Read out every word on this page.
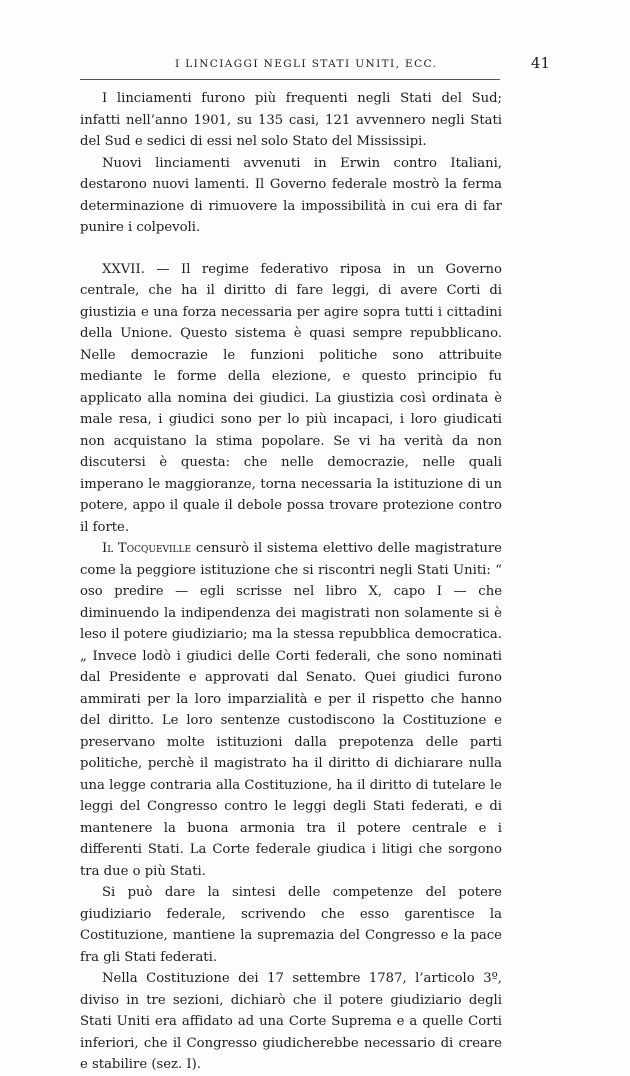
I LINCIAGGI NEGLI STATI UNITI, ECC.	41

I linciamenti furono più frequenti negli Stati del Sud; infatti nell’anno 1901, su 135 casi, 121 avvennero negli Stati del Sud e sedici di essi nel solo Stato del Mississipi.

Nuovi linciamenti avvenuti in Erwin contro Italiani, destarono nuovi lamenti. Il Governo federale mostrò la ferma determinazione di rimuovere la impossibilità in cui era di far punire i colpevoli.

XXVII. — Il regime federativo riposa in un Governo centrale, che ha il diritto di fare leggi, di avere Corti di giustizia e una forza necessaria per agire sopra tutti i cittadini della Unione. Questo sistema è quasi sempre repubblicano. Nelle democrazie le funzioni politiche sono attribuite mediante le forme della elezione, e questo principio fu applicato alla nomina dei giudici. La giustizia così ordinata è male resa, i giudici sono per lo più incapaci, i loro giudicati non acquistano la stima popolare. Se vi ha verità da non discutersi è questa: che nelle democrazie, nelle quali imperano le maggioranze, torna necessaria la istituzione di un potere, appo il quale il debole possa trovare protezione contro il forte.

Il Tocqueville censurò il sistema elettivo delle magistrature come la peggiore istituzione che si riscontri negli Stati Uniti: “ oso predire — egli scrisse nel libro X, capo I — che diminuendo la indipendenza dei magistrati non solamente si è leso il potere giudiziario; ma la stessa repubblica democratica. „ Invece lodò i giudici delle Corti federali, che sono nominati dal Presidente e approvati dal Senato. Quei giudici furono ammirati per la loro imparzialità e per il rispetto che hanno del diritto. Le loro sentenze custodiscono la Costituzione e preservano molte istituzioni dalla prepotenza delle parti politiche, perchè il magistrato ha il diritto di dichiarare nulla una legge contraria alla Costituzione, ha il diritto di tutelare le leggi del Congresso contro le leggi degli Stati federati, e di mantenere la buona armonia tra il potere centrale e i differenti Stati. La Corte federale giudica i litigi che sorgono tra due o più Stati.

Si può dare la sintesi delle competenze del potere giudiziario federale, scrivendo che esso garentisce la Costituzione, mantiene la supremazia del Congresso e la pace fra gli Stati federati.

Nella Costituzione dei 17 settembre 1787, l’articolo 3º, diviso in tre sezioni, dichiarò che il potere giudiziario degli Stati Uniti era affidato ad una Corte Suprema e a quelle Corti inferiori, che il Congresso giudicherebbe necessario di creare e stabilire (sez. I).
